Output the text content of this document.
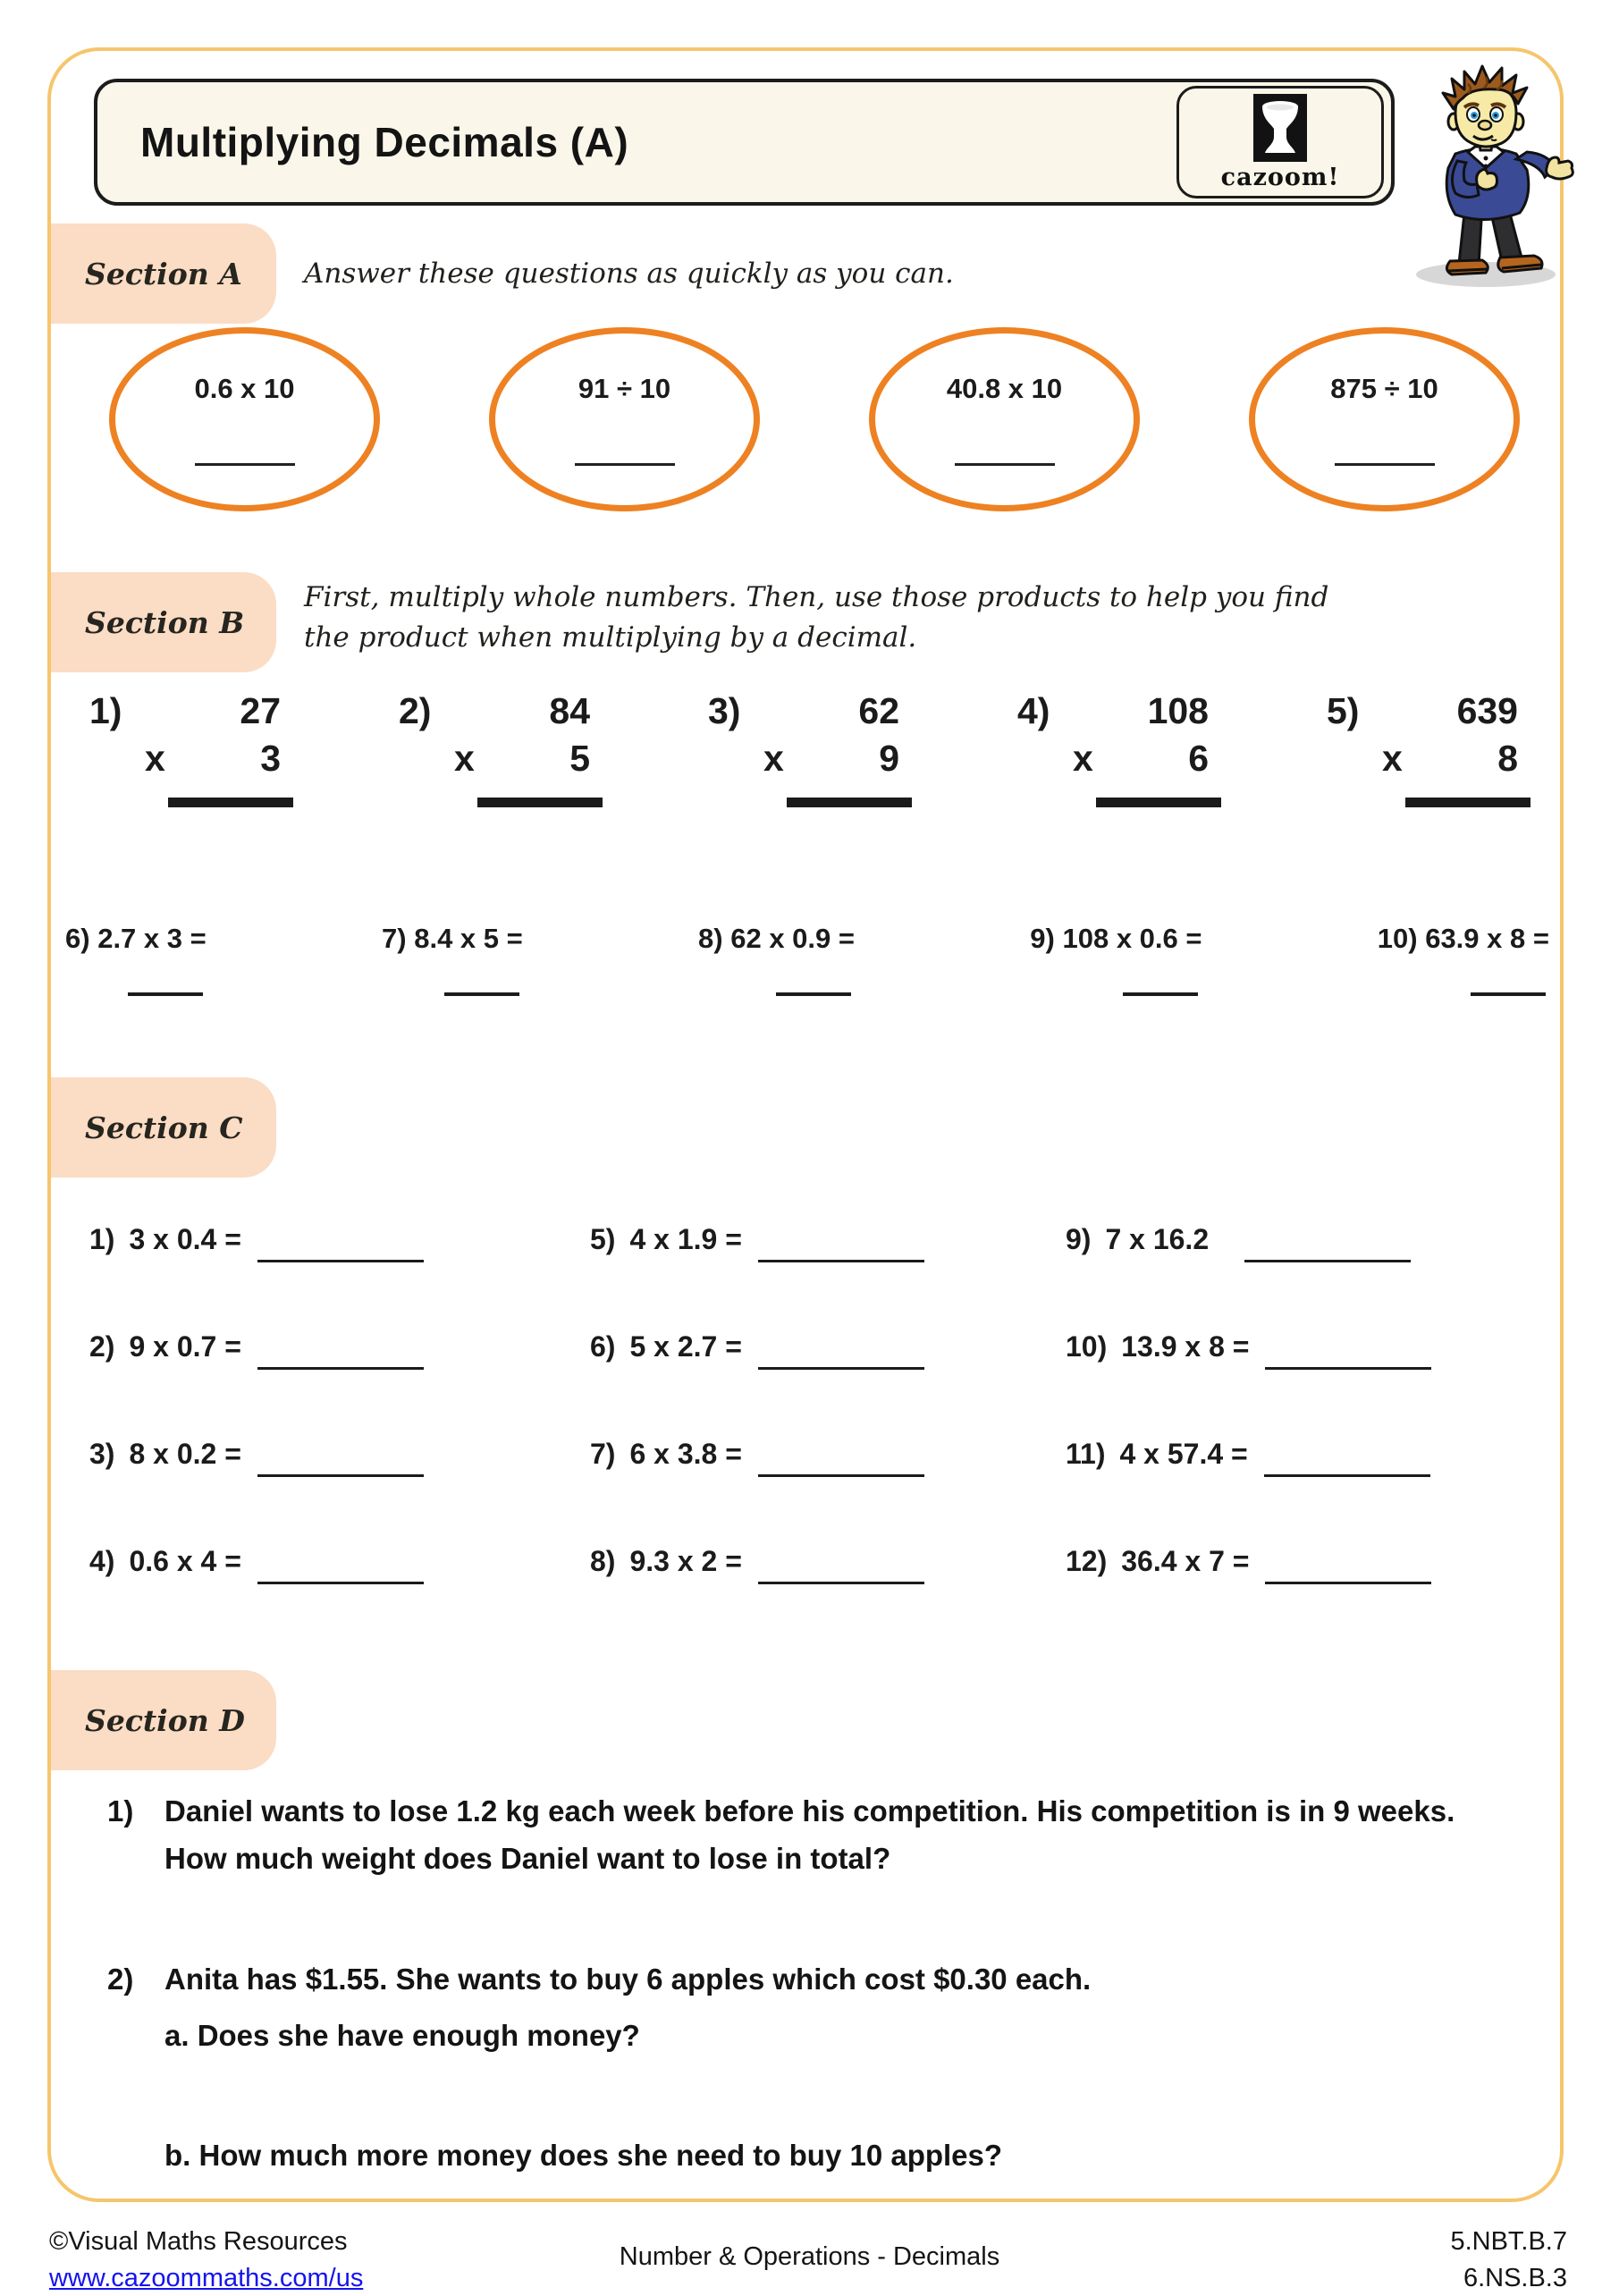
Multiplying Decimals (A)
cazoom!
Section A Answer these questions as quickly as you can.
0.6 x 10	91 ÷ 10	40.8 x 10	875 ÷ 10
Section B
First, multiply whole numbers. Then, use those products to help you find
the product when multiplying by a decimal.
1)	27
x	3
2)	84
x	5
3)	62
x	9
4)	108
x	6
5)	639
x	8
6) 2.7 x 3 =	7) 8.4 x 5 =	8) 62 x 0.9 =	9) 108 x 0.6 =	10) 63.9 x 8 =
Section C
1) 3 x 0.4 =	5) 4 x 1.9 =	9) 7 x 16.2
2) 9 x 0.7 =	6) 5 x 2.7 =	10) 13.9 x 8 =
3) 8 x 0.2 =	7) 6 x 3.8 =	11) 4 x 57.4 =
4) 0.6 x 4 =	8) 9.3 x 2 =	12) 36.4 x 7 =
Section D
1)	Daniel wants to lose 1.2 kg each week before his competition. His competition is in 9 weeks. How much weight does Daniel want to lose in total?
2)	Anita has $1.55. She wants to buy 6 apples which cost $0.30 each.
a. Does she have enough money?
b. How much more money does she need to buy 10 apples?
©Visual Maths Resources
www.cazoommaths.com/us
Number & Operations - Decimals
5.NBT.B.7
6.NS.B.3
